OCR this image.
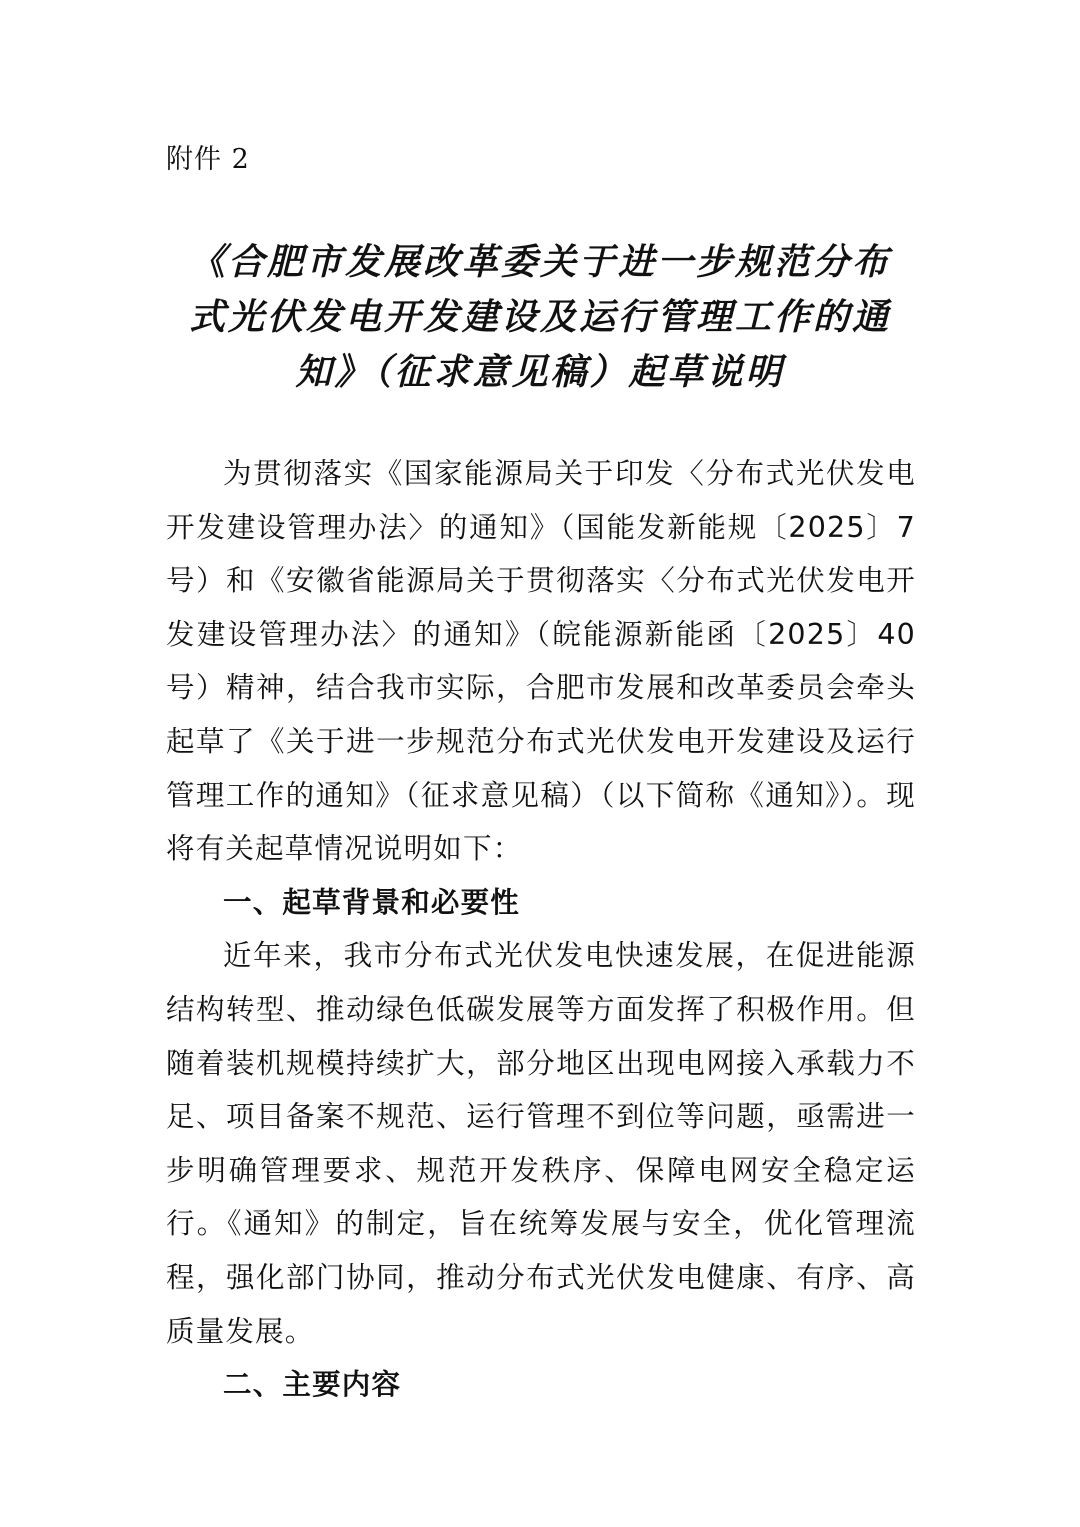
附件 2
《合肥市发展改革委关于进一步规范分布
式光伏发电开发建设及运行管理工作的通
知》（征求意见稿）起草说明

为贯彻落实《国家能源局关于印发〈分布式光伏发电开发建设管理办法〉的通知》（国能发新能规〔2025〕7号）和《安徽省能源局关于贯彻落实〈分布式光伏发电开发建设管理办法〉的通知》（皖能源新能函〔2025〕40号）精神，结合我市实际，合肥市发展和改革委员会牵头起草了《关于进一步规范分布式光伏发电开发建设及运行管理工作的通知》（征求意见稿）（以下简称《通知》）。现将有关起草情况说明如下：

一、起草背景和必要性

近年来，我市分布式光伏发电快速发展，在促进能源结构转型、推动绿色低碳发展等方面发挥了积极作用。但随着装机规模持续扩大，部分地区出现电网接入承载力不足、项目备案不规范、运行管理不到位等问题，亟需进一步明确管理要求、规范开发秩序、保障电网安全稳定运行。《通知》的制定，旨在统筹发展与安全，优化管理流程，强化部门协同，推动分布式光伏发电健康、有序、高质量发展。

二、主要内容
